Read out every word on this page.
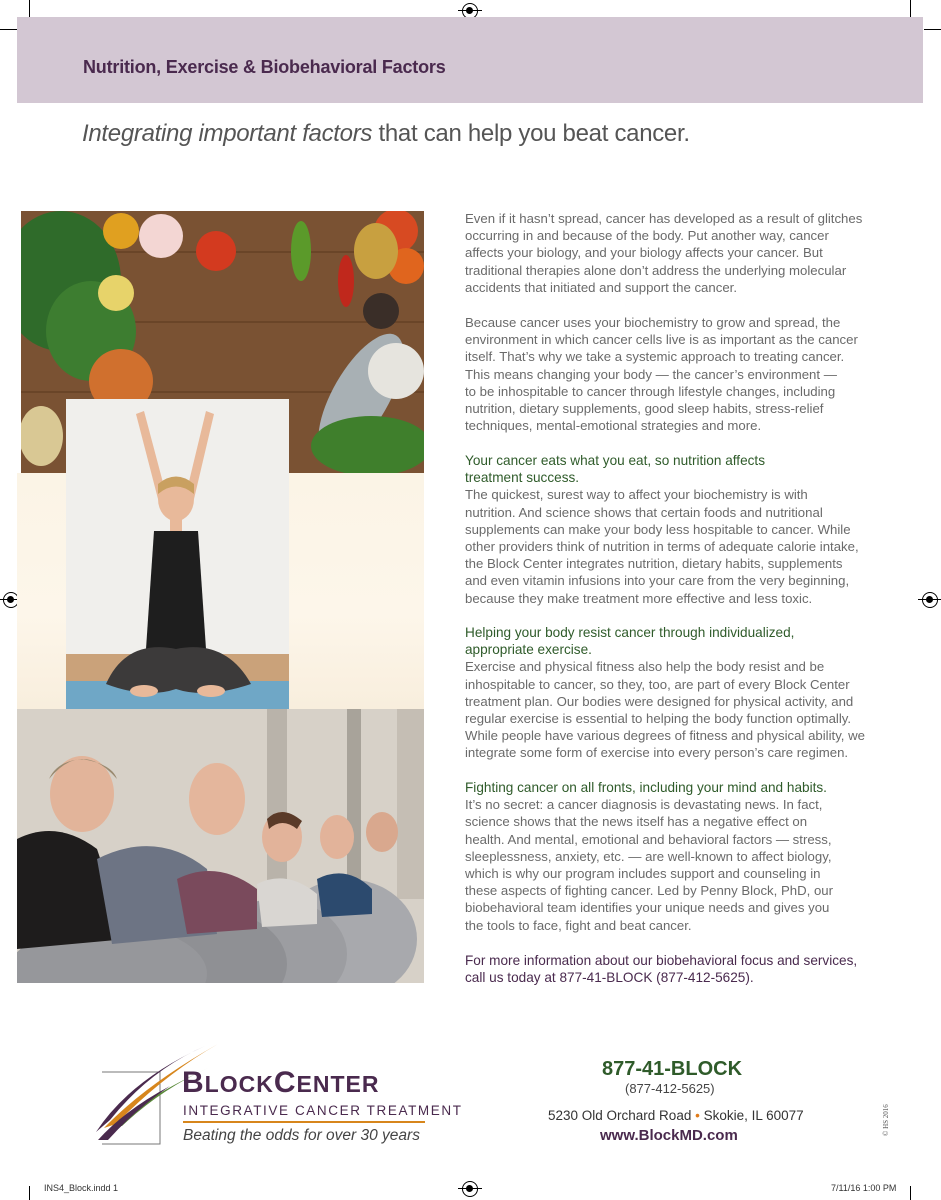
Nutrition, Exercise & Biobehavioral Factors
Integrating important factors that can help you beat cancer.

Even if it hasn’t spread, cancer has developed as a result of glitches
occurring in and because of the body. Put another way, cancer
affects your biology, and your biology affects your cancer. But
traditional therapies alone don’t address the underlying molecular
accidents that initiated and support the cancer.

Because cancer uses your biochemistry to grow and spread, the
environment in which cancer cells live is as important as the cancer
itself. That’s why we take a systemic approach to treating cancer.
This means changing your body — the cancer’s environment —
to be inhospitable to cancer through lifestyle changes, including
nutrition, dietary supplements, good sleep habits, stress-relief
techniques, mental-emotional strategies and more.

Your cancer eats what you eat, so nutrition affects
treatment success.

The quickest, surest way to affect your biochemistry is with
nutrition. And science shows that certain foods and nutritional
supplements can make your body less hospitable to cancer. While
other providers think of nutrition in terms of adequate calorie intake,
the Block Center integrates nutrition, dietary habits, supplements
and even vitamin infusions into your care from the very beginning,
because they make treatment more effective and less toxic.

Helping your body resist cancer through individualized,
appropriate exercise.

Exercise and physical fitness also help the body resist and be
inhospitable to cancer, so they, too, are part of every Block Center
treatment plan. Our bodies were designed for physical activity, and
regular exercise is essential to helping the body function optimally.
While people have various degrees of fitness and physical ability, we
integrate some form of exercise into every person’s care regimen.

Fighting cancer on all fronts, including your mind and habits.

It’s no secret: a cancer diagnosis is devastating news. In fact,
science shows that the news itself has a negative effect on
health. And mental, emotional and behavioral factors — stress,
sleeplessness, anxiety, etc. — are well-known to affect biology,
which is why our program includes support and counseling in
these aspects of fighting cancer. Led by Penny Block, PhD, our
biobehavioral team identifies your unique needs and gives you
the tools to face, fight and beat cancer.

For more information about our biobehavioral focus and services,
call us today at 877-41-BLOCK (877-412-5625).

BLOCKCENTER
INTEGRATIVE CANCER TREATMENT
Beating the odds for over 30 years
877-41-BLOCK
(877-412-5625)
5230 Old Orchard Road • Skokie, IL 60077
www.BlockMD.com	© HS 2016
INS4_Block.indd 1	7/11/16 1:00 PM
